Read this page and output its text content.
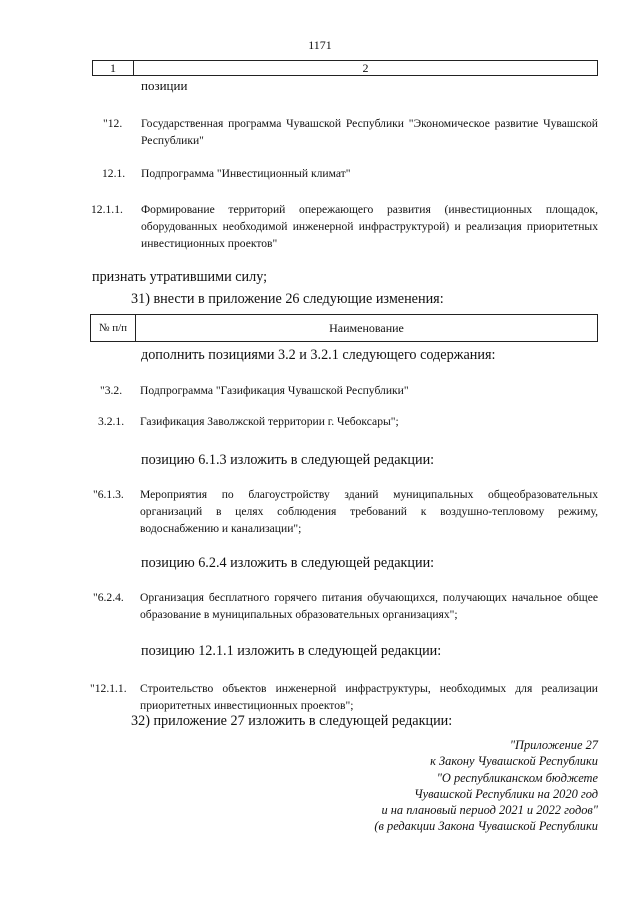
1171
1	2
позиции
"12. Государственная программа Чувашской Республики "Экономическое развитие Чувашской Республики"
12.1. Подпрограмма "Инвестиционный климат"
12.1.1. Формирование территорий опережающего развития (инвестиционных площадок, оборудованных необходимой инженерной инфраструктурой) и реализация приоритетных инвестиционных проектов"
признать утратившими силу;
31) внести в приложение 26 следующие изменения:
№ п/п	Наименование
дополнить позициями 3.2 и 3.2.1 следующего содержания:
"3.2. Подпрограмма "Газификация Чувашской Республики"
3.2.1. Газификация Заволжской территории г. Чебоксары";
позицию 6.1.3 изложить в следующей редакции:
"6.1.3. Мероприятия по благоустройству зданий муниципальных общеобразовательных организаций в целях соблюдения требований к воздушно-тепловому режиму, водоснабжению и канализации";
позицию 6.2.4 изложить в следующей редакции:
"6.2.4. Организация бесплатного горячего питания обучающихся, получающих начальное общее образование в муниципальных образовательных организациях";
позицию 12.1.1 изложить в следующей редакции:
"12.1.1. Строительство объектов инженерной инфраструктуры, необходимых для реализации приоритетных инвестиционных проектов";
32) приложение 27 изложить в следующей редакции:
"Приложение 27
к Закону Чувашской Республики
"О республиканском бюджете
Чувашской Республики на 2020 год
и на плановый период 2021 и 2022 годов"
(в редакции Закона Чувашской Республики
